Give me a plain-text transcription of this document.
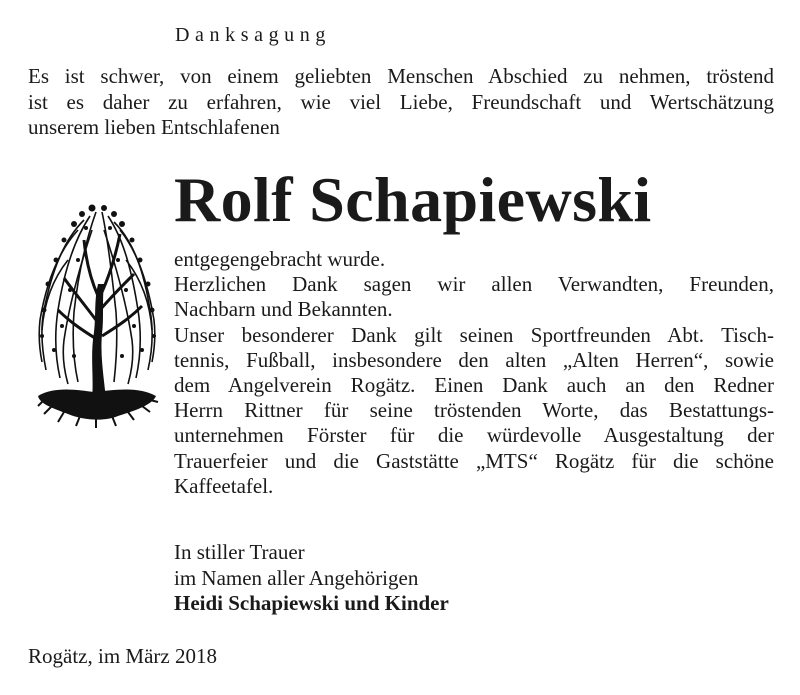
Danksagung
Es ist schwer, von einem geliebten Menschen Abschied zu nehmen, tröstend
ist es daher zu erfahren, wie viel Liebe, Freundschaft und Wertschätzung
unserem lieben Entschlafenen
Rolf Schapiewski
entgegengebracht wurde.
Herzlichen Dank sagen wir allen Verwandten, Freunden,
Nachbarn und Bekannten.
Unser besonderer Dank gilt seinen Sportfreunden Abt. Tisch-
tennis, Fußball, insbesondere den alten „Alten Herren“, sowie
dem Angelverein Rogätz. Einen Dank auch an den Redner
Herrn Rittner für seine tröstenden Worte, das Bestattungs-
unternehmen Förster für die würdevolle Ausgestaltung der
Trauerfeier und die Gaststätte „MTS“ Rogätz für die schöne
Kaffeetafel.
In stiller Trauer
im Namen aller Angehörigen
Heidi Schapiewski und Kinder
Rogätz, im März 2018
